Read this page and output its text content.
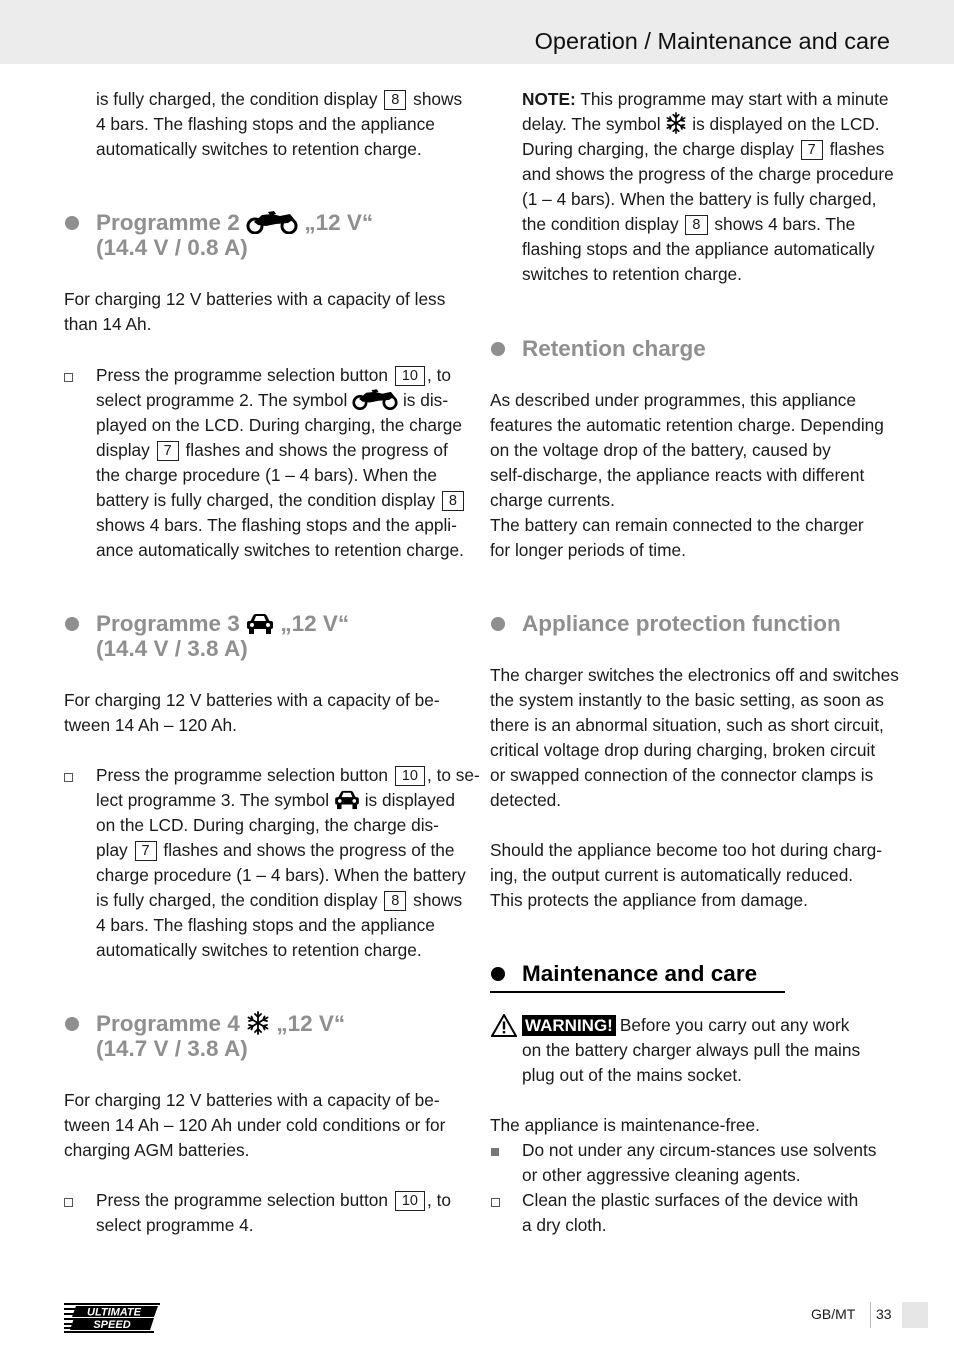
Operation / Maintenance and care
is fully charged, the condition display 8 shows
4 bars. The flashing stops and the appliance
automatically switches to retention charge.
Programme 2	„12 V“
(14.4 V / 0.8 A)
For charging 12 V batteries with a capacity of less
than 14 Ah.
Press the programme selection button 10 , to
select programme 2. The symbol	is dis-
played on the LCD. During charging, the charge
display 7 flashes and shows the progress of
the charge procedure (1 – 4 bars). When the
battery is fully charged, the condition display 8
shows 4 bars. The flashing stops and the appli-
ance automatically switches to retention charge.
Programme 3 „12 V“
(14.4 V / 3.8 A)
For charging 12 V batteries with a capacity of be-
tween 14 Ah – 120 Ah.
Press the programme selection button 10 , to se-
lect programme 3. The symbol is displayed
on the LCD. During charging, the charge dis-
play 7 flashes and shows the progress of the
charge procedure (1 – 4 bars). When the battery
is fully charged, the condition display 8 shows
4 bars. The flashing stops and the appliance
automatically switches to retention charge.
Programme 4 „12 V“
(14.7 V / 3.8 A)
For charging 12 V batteries with a capacity of be-
tween 14 Ah – 120 Ah under cold conditions or for
charging AGM batteries.
Press the programme selection button 10 , to
select programme 4.
NOTE: This programme may start with a minute
delay. The symbol is displayed on the LCD.
During charging, the charge display 7 flashes
and shows the progress of the charge procedure
(1 – 4 bars). When the battery is fully charged,
the condition display 8 shows 4 bars. The
flashing stops and the appliance automatically
switches to retention charge.
Retention charge
As described under programmes, this appliance
features the automatic retention charge. Depending
on the voltage drop of the battery, caused by
self-discharge, the appliance reacts with different
charge currents.
The battery can remain connected to the charger
for longer periods of time.
Appliance protection function
The charger switches the electronics off and switches
the system instantly to the basic setting, as soon as
there is an abnormal situation, such as short circuit,
critical voltage drop during charging, broken circuit
or swapped connection of the connector clamps is
detected.
Should the appliance become too hot during charg-
ing, the output current is automatically reduced.
This protects the appliance from damage.
Maintenance and care
WARNING! Before you carry out any work
on the battery charger always pull the mains
plug out of the mains socket.
The appliance is maintenance-free.
Do not under any circum-stances use solvents
or other aggressive cleaning agents.
Clean the plastic surfaces of the device with
a dry cloth.
ULTIMATE
SPEED
GB/MT 33
